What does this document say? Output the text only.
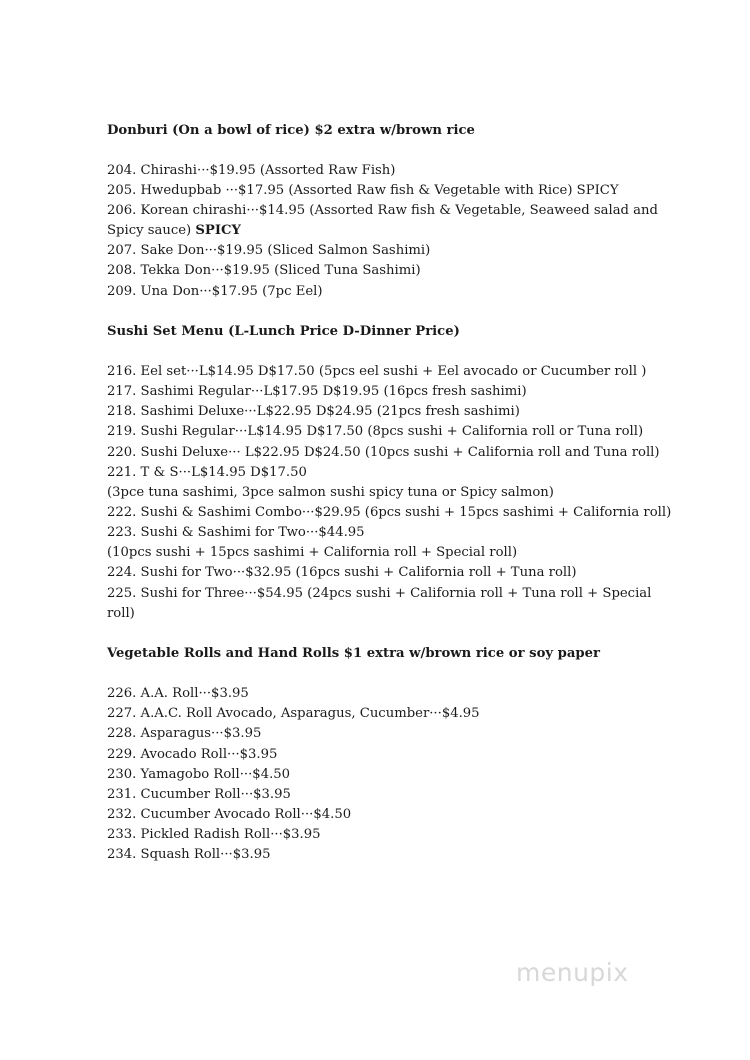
Donburi (On a bowl of rice) $2 extra w/brown rice
204. Chirashi···$19.95 (Assorted Raw Fish)
205. Hwedupbab ···$17.95 (Assorted Raw fish & Vegetable with Rice) SPICY
206. Korean chirashi···$14.95 (Assorted Raw fish & Vegetable, Seaweed salad and
Spicy sauce) SPICY
207. Sake Don···$19.95 (Sliced Salmon Sashimi)
208. Tekka Don···$19.95 (Sliced Tuna Sashimi)
209. Una Don···$17.95 (7pc Eel)
Sushi Set Menu (L-Lunch Price D-Dinner Price)
216. Eel set···L$14.95 D$17.50 (5pcs eel sushi + Eel avocado or Cucumber roll )
217. Sashimi Regular···L$17.95 D$19.95 (16pcs fresh sashimi)
218. Sashimi Deluxe···L$22.95 D$24.95 (21pcs fresh sashimi)
219. Sushi Regular···L$14.95 D$17.50 (8pcs sushi + California roll or Tuna roll)
220. Sushi Deluxe··· L$22.95 D$24.50 (10pcs sushi + California roll and Tuna roll)
221. T & S···L$14.95 D$17.50
(3pce tuna sashimi, 3pce salmon sushi spicy tuna or Spicy salmon)
222. Sushi & Sashimi Combo···$29.95 (6pcs sushi + 15pcs sashimi + California roll)
223. Sushi & Sashimi for Two···$44.95
(10pcs sushi + 15pcs sashimi + California roll + Special roll)
224. Sushi for Two···$32.95 (16pcs sushi + California roll + Tuna roll)
225. Sushi for Three···$54.95 (24pcs sushi + California roll + Tuna roll + Special
roll)
Vegetable Rolls and Hand Rolls $1 extra w/brown rice or soy paper
226. A.A. Roll···$3.95
227. A.A.C. Roll Avocado, Asparagus, Cucumber···$4.95
228. Asparagus···$3.95
229. Avocado Roll···$3.95
230. Yamagobo Roll···$4.50
231. Cucumber Roll···$3.95
232. Cucumber Avocado Roll···$4.50
233. Pickled Radish Roll···$3.95
234. Squash Roll···$3.95
menupix
